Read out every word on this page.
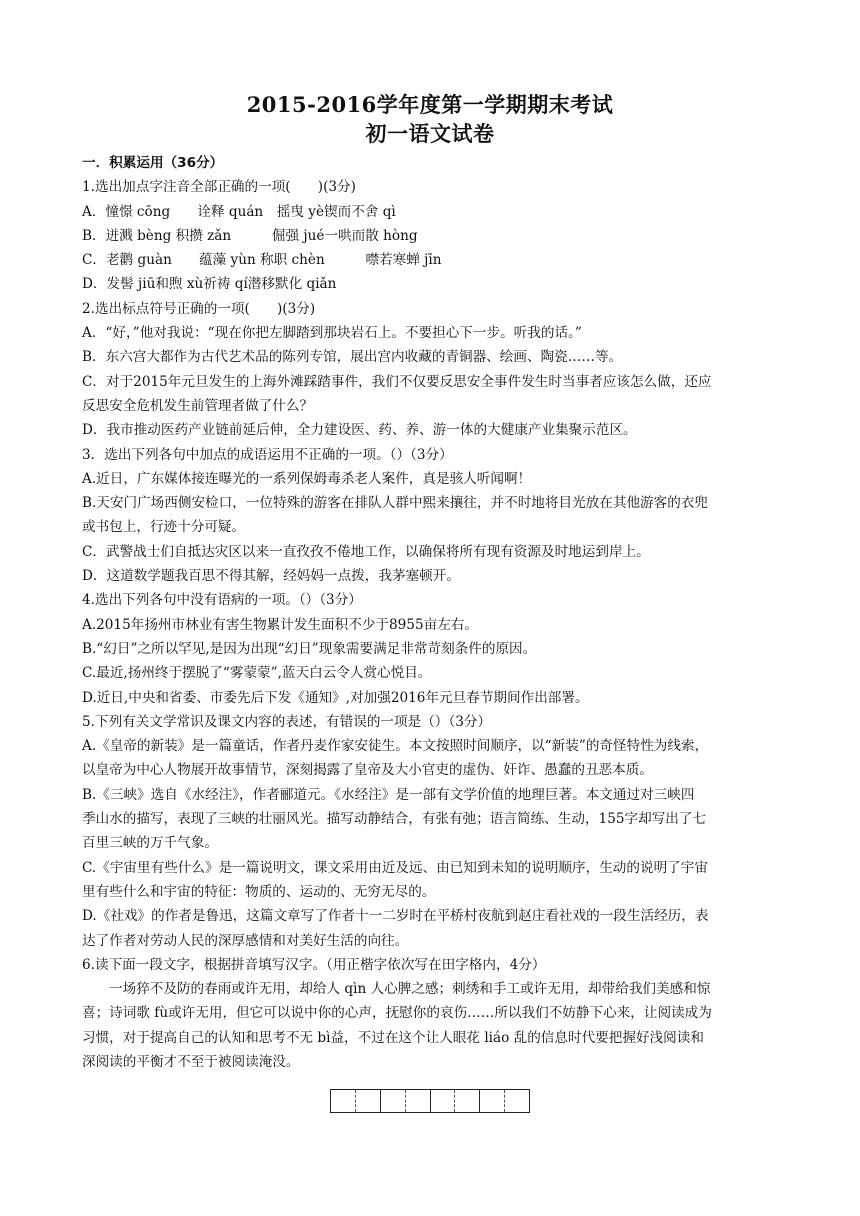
2015-2016学年度第一学期期末考试
初一语文试卷
一．积累运用（36分）
1.选出加点字注音全部正确的一项(　　)(3分)
A．憧憬 cōng　　诠释 quán　摇曳 yè锲而不舍 qì
B．迸溅 bèng 积攒 zǎn　　　倔强 jué一哄而散 hòng
C．老鹳 guàn　　蕴藻 yùn 称职 chèn　　　噤若寒蝉 jīn
D．发髻 jiū和煦 xù祈祷 qí潜移默化 qiǎn
2.选出标点符号正确的一项(　　)(3分)
A．“好，”他对我说：“现在你把左脚踏到那块岩石上。不要担心下一步。听我的话。”
B．东六宫大都作为古代艺术品的陈列专馆，展出宫内收藏的青铜器、绘画、陶瓷……等。
C．对于2015年元旦发生的上海外滩踩踏事件，我们不仅要反思安全事件发生时当事者应该怎么做，还应
反思安全危机发生前管理者做了什么？
D．我市推动医药产业链前延后伸，全力建设医、药、养、游一体的大健康产业集聚示范区。
3．选出下列各句中加点的成语运用不正确的一项。（）（3分）
A.近日，广东媒体接连曝光的一系列保姆毒杀老人案件，真是骇人听闻啊！
B.天安门广场西侧安检口，一位特殊的游客在排队人群中熙来攘往，并不时地将目光放在其他游客的衣兜
或书包上，行迹十分可疑。
C．武警战士们自抵达灾区以来一直孜孜不倦地工作，以确保将所有现有资源及时地运到岸上。
D．这道数学题我百思不得其解，经妈妈一点拨，我茅塞顿开。
4.选出下列各句中没有语病的一项。（）（3分）
A.2015年扬州市林业有害生物累计发生面积不少于8955亩左右。
B.“幻日”之所以罕见,是因为出现“幻日”现象需要满足非常苛刻条件的原因。
C.最近,扬州终于摆脱了“雾蒙蒙”,蓝天白云令人赏心悦目。
D.近日,中央和省委、市委先后下发《通知》,对加强2016年元旦春节期间作出部署。
5.下列有关文学常识及课文内容的表述，有错误的一项是（）（3分）
A.《皇帝的新装》是一篇童话，作者丹麦作家安徒生。本文按照时间顺序，以“新装”的奇怪特性为线索，
以皇帝为中心人物展开故事情节，深刻揭露了皇帝及大小官吏的虚伪、奸诈、愚蠢的丑恶本质。
B.《三峡》选自《水经注》，作者郦道元。《水经注》是一部有文学价值的地理巨著。本文通过对三峡四
季山水的描写，表现了三峡的壮丽风光。描写动静结合，有张有弛；语言简练、生动，155字却写出了七
百里三峡的万千气象。
C.《宇宙里有些什么》是一篇说明文，课文采用由近及远、由已知到未知的说明顺序，生动的说明了宇宙
里有些什么和宇宙的特征：物质的、运动的、无穷无尽的。
D.《社戏》的作者是鲁迅，这篇文章写了作者十一二岁时在平桥村夜航到赵庄看社戏的一段生活经历，表
达了作者对劳动人民的深厚感情和对美好生活的向往。
6.读下面一段文字，根据拼音填写汉字。（用正楷字依次写在田字格内，4分）
一场猝不及防的春雨或许无用，却给人 qìn 人心脾之感；刺绣和手工或许无用，却带给我们美感和惊
喜；诗词歌 fù或许无用，但它可以说中你的心声，抚慰你的哀伤……所以我们不妨静下心来，让阅读成为
习惯，对于提高自己的认知和思考不无 bì益，不过在这个让人眼花 liáo 乱的信息时代要把握好浅阅读和
深阅读的平衡才不至于被阅读淹没。
